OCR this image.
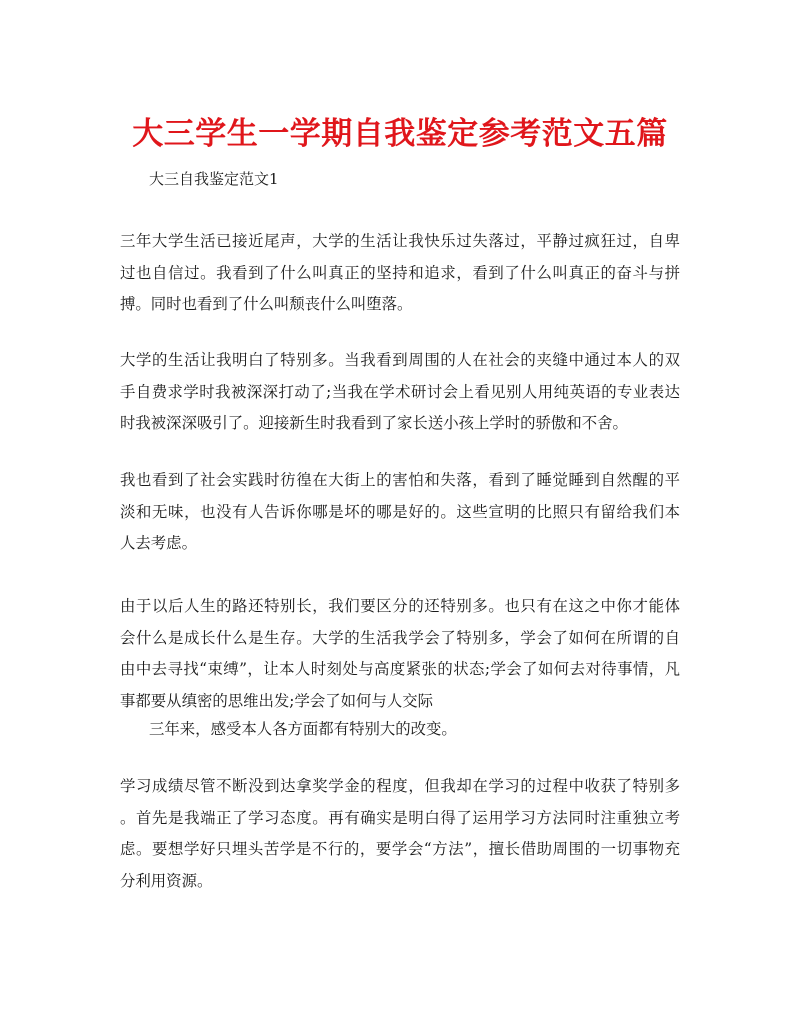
大三学生一学期自我鉴定参考范文五篇
大三自我鉴定范文1
三年大学生活已接近尾声，大学的生活让我快乐过失落过，平静过疯狂过，自卑
过也自信过。我看到了什么叫真正的坚持和追求，看到了什么叫真正的奋斗与拼
搏。同时也看到了什么叫颓丧什么叫堕落。
大学的生活让我明白了特别多。当我看到周围的人在社会的夹缝中通过本人的双
手自费求学时我被深深打动了;当我在学术研讨会上看见别人用纯英语的专业表达
时我被深深吸引了。迎接新生时我看到了家长送小孩上学时的骄傲和不舍。
我也看到了社会实践时彷徨在大街上的害怕和失落，看到了睡觉睡到自然醒的平
淡和无味，也没有人告诉你哪是坏的哪是好的。这些宣明的比照只有留给我们本
人去考虑。
由于以后人生的路还特别长，我们要区分的还特别多。也只有在这之中你才能体
会什么是成长什么是生存。大学的生活我学会了特别多，学会了如何在所谓的自
由中去寻找“束缚”，让本人时刻处与高度紧张的状态;学会了如何去对待事情，凡
事都要从缜密的思维出发;学会了如何与人交际
三年来，感受本人各方面都有特别大的改变。
学习成绩尽管不断没到达拿奖学金的程度，但我却在学习的过程中收获了特别多
。首先是我端正了学习态度。再有确实是明白得了运用学习方法同时注重独立考
虑。要想学好只埋头苦学是不行的，要学会“方法”，擅长借助周围的一切事物充
分利用资源。
